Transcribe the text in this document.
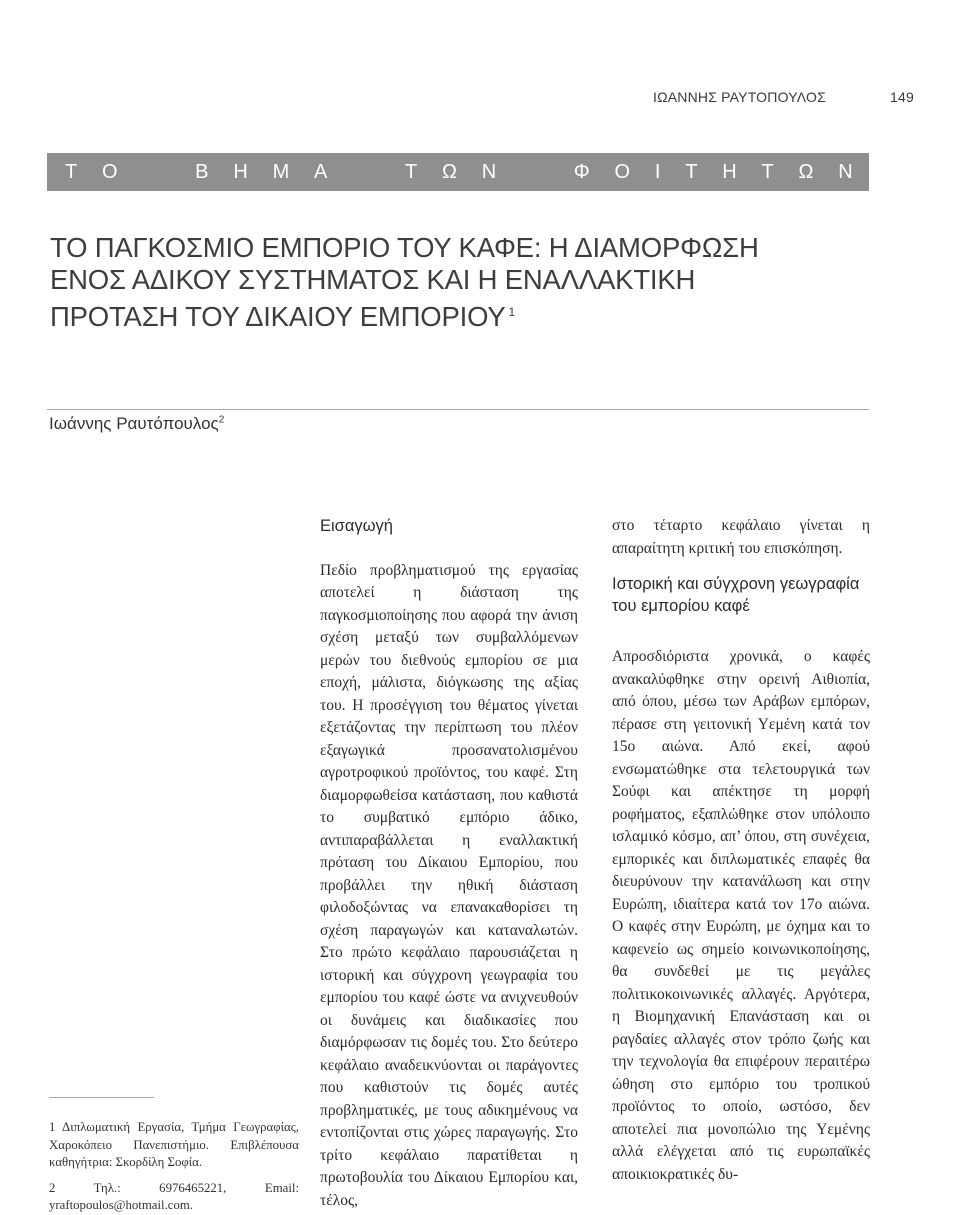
ΙΩΑΝΝΗΣ ΡΑΥΤΟΠΟΥΛΟΣ	149
Τ Ο	Β Η Μ Α	Τ Ω Ν	Φ Ο Ι Τ Η Τ Ω Ν
ΤΟ ΠΑΓΚΟΣΜΙΟ ΕΜΠΟΡΙΟ ΤΟΥ ΚΑΦΕ: Η ΔΙΑΜΟΡΦΩΣΗ
ΕΝΟΣ ΑΔΙΚΟΥ ΣΥΣΤΗΜΑΤΟΣ ΚΑΙ Η ΕΝΑΛΛΑΚΤΙΚΗ
ΠΡΟΤΑΣΗ ΤΟΥ ΔΙΚΑΙΟΥ ΕΜΠΟΡΙΟΥ $^1$
Ιωάννης Ραυτόπουλος$^2$

Εισαγωγή

Πεδίο προβληματισμού της εργασίας αποτελεί η διάσταση της παγκοσμιοποίησης που αφορά την άνιση σχέση μεταξύ των συμβαλλόμενων μερών του διεθνούς εμπορίου σε μια εποχή, μάλιστα, διόγκωσης της αξίας του. Η προσέγγιση του θέματος γίνεται εξετάζοντας την περίπτωση του πλέον εξαγωγικά προσανατολισμένου αγροτροφικού προϊόντος, του καφέ. Στη διαμορφωθείσα κατάσταση, που καθιστά το συμβατικό εμπόριο άδικο, αντιπαραβάλλεται η εναλλακτική πρόταση του Δίκαιου Εμπορίου, που προβάλλει την ηθική διάσταση φιλοδοξώντας να επανακαθορίσει τη σχέση παραγωγών και καταναλωτών. Στο πρώτο κεφάλαιο παρουσιάζεται η ιστορική και σύγχρονη γεωγραφία του εμπορίου του καφέ ώστε να ανιχνευθούν οι δυνάμεις και διαδικασίες που διαμόρφωσαν τις δομές του. Στο δεύτερο κεφάλαιο αναδεικνύονται οι παράγοντες που καθιστούν τις δομές αυτές προβληματικές, με τους αδικημένους να εντοπίζονται στις χώρες παραγωγής. Στο τρίτο κεφάλαιο παρατίθεται η πρωτοβουλία του Δίκαιου Εμπορίου και, τέλος,

στο τέταρτο κεφάλαιο γίνεται η απαραίτητη κριτική του επισκόπηση.

Ιστορική και σύγχρονη γεωγραφία του εμπορίου καφέ

Απροσδιόριστα χρονικά, ο καφές ανακαλύφθηκε στην ορεινή Αιθιοπία, από όπου, μέσω των Αράβων εμπόρων, πέρασε στη γειτονική Υεμένη κατά τον 15ο αιώνα. Από εκεί, αφού ενσωματώθηκε στα τελετουργικά των Σούφι και απέκτησε τη μορφή ροφήματος, εξαπλώθηκε στον υπόλοιπο ισλαμικό κόσμο, απ’ όπου, στη συνέχεια, εμπορικές και διπλωματικές επαφές θα διευρύνουν την κατανάλωση και στην Ευρώπη, ιδιαίτερα κατά τον 17ο αιώνα. Ο καφές στην Ευρώπη, με όχημα και το καφενείο ως σημείο κοινωνικοποίησης, θα συνδεθεί με τις μεγάλες πολιτικοκοινωνικές αλλαγές. Αργότερα, η Βιομηχανική Επανάσταση και οι ραγδαίες αλλαγές στον τρόπο ζωής και την τεχνολογία θα επιφέρουν περαιτέρω ώθηση στο εμπόριο του τροπικού προϊόντος το οποίο, ωστόσο, δεν αποτελεί πια μονοπώλιο της Υεμένης αλλά ελέγχεται από τις ευρωπαϊκές αποικιοκρατικές δυ-

1 Διπλωματική Εργασία, Τμήμα Γεωγραφίας, Χαροκόπειο Πανεπιστήμιο. Επιβλέπουσα καθηγήτρια: Σκορδίλη Σοφία.

2 Τηλ.: 6976465221, Email: yraftopoulos@hotmail.com.
